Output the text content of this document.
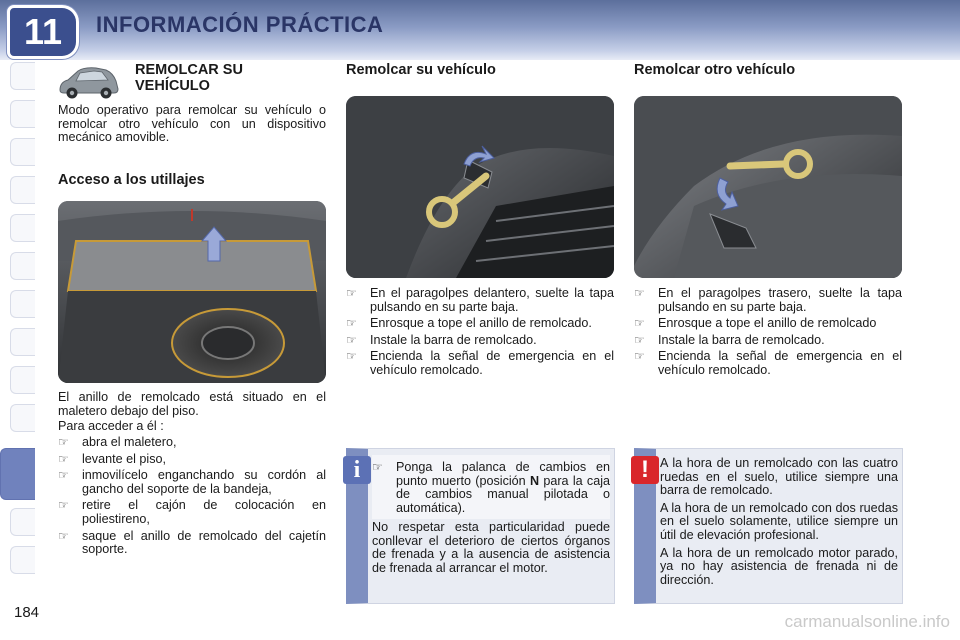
11	INFORMACIÓN PRÁCTICA
REMOLCAR SU
VEHÍCULO
Modo operativo para remolcar su vehículo o remolcar otro vehículo con un dispositivo mecánico amovible.
Acceso a los utillajes
El anillo de remolcado está situado en el maletero debajo del piso.
Para acceder a él :
☞	abra el maletero,
☞	levante el piso,
☞	inmovilícelo enganchando su cordón al gancho del soporte de la bandeja,
☞	retire el cajón de colocación en poliestireno,
☞	saque el anillo de remolcado del cajetín soporte.
Remolcar su vehículo
☞	En el paragolpes delantero, suelte la tapa pulsando en su parte baja.
☞	Enrosque a tope el anillo de remolcado.
☞	Instale la barra de remolcado.
☞	Encienda la señal de emergencia en el vehículo remolcado.
☞ Ponga la palanca de cambios en punto muerto (posición N para la caja de cambios manual pilotada o automática).
No respetar esta particularidad puede conllevar el deterioro de ciertos órganos de frenada y a la ausencia de asistencia de frenada al arrancar el motor.
i
Remolcar otro vehículo
☞	En el paragolpes trasero, suelte la tapa pulsando en su parte baja.
☞	Enrosque a tope el anillo de remolcado
☞	Instale la barra de remolcado.
☞	Encienda la señal de emergencia en el vehículo remolcado.
A la hora de un remolcado con las cuatro ruedas en el suelo, utilice siempre una barra de remolcado.
A la hora de un remolcado con dos ruedas en el suelo solamente, utilice siempre un útil de elevación profesional.
A la hora de un remolcado motor parado, ya no hay asistencia de frenada ni de dirección.
!
184	carmanualsonline.info
